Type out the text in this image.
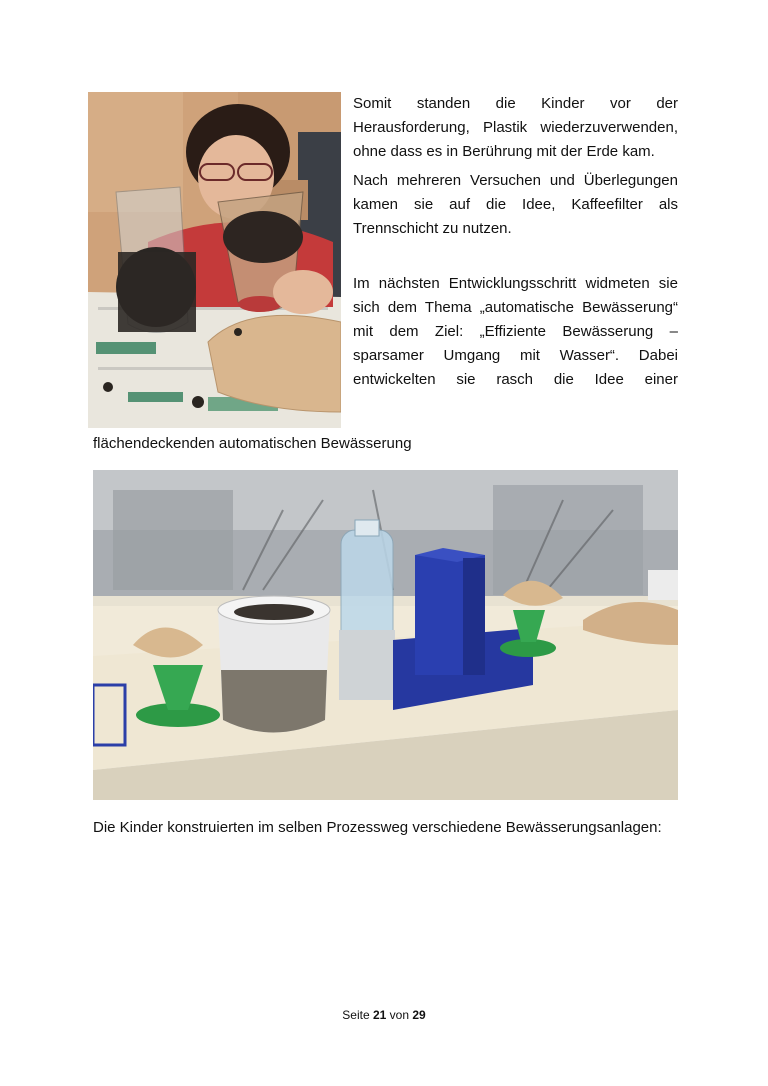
Somit standen die Kinder vor der Herausforderung, Plastik wiederzuverwenden, ohne dass es in Berührung mit der Erde kam.

Nach mehreren Versuchen und Überlegungen kamen sie auf die Idee, Kaffeefilter als Trennschicht zu nutzen.

Im nächsten Entwicklungsschritt widmeten sie sich dem Thema „automatische Bewässerung“ mit dem Ziel: „Effiziente Bewässerung – sparsamer Umgang mit Wasser“. Dabei entwickelten sie rasch die Idee einer

flächendeckenden automatischen Bewässerung
Die Kinder konstruierten im selben Prozessweg verschiedene Bewässerungsanlagen:
Seite 21 von 29
